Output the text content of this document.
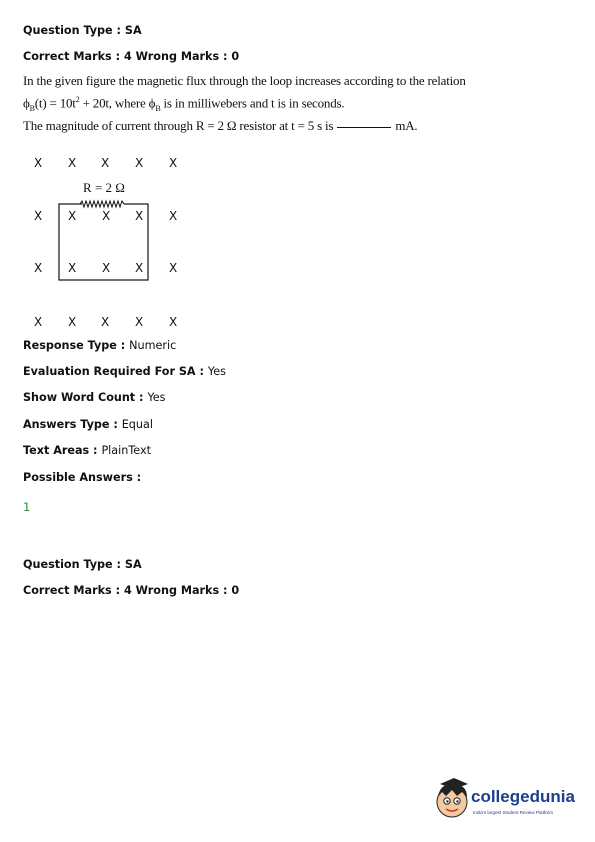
Question Type : SA
Correct Marks : 4 Wrong Marks : 0
In the given figure the magnetic flux through the loop increases according to the relation
$\phi_B(t) = 10t^2 + 20t$, where $\phi_B$ is in milliwebers and t is in seconds.
The magnitude of current through R = 2 Ω resistor at t = 5 s is	mA.
X X X X X
X X X X X
X X X X X
X X X X X
R = 2 Ω
Response Type : Numeric
Evaluation Required For SA : Yes
Show Word Count : Yes
Answers Type : Equal
Text Areas : PlainText
Possible Answers :
1
Question Type : SA
Correct Marks : 4 Wrong Marks : 0
collegedunia
India's largest Student Review Platform
